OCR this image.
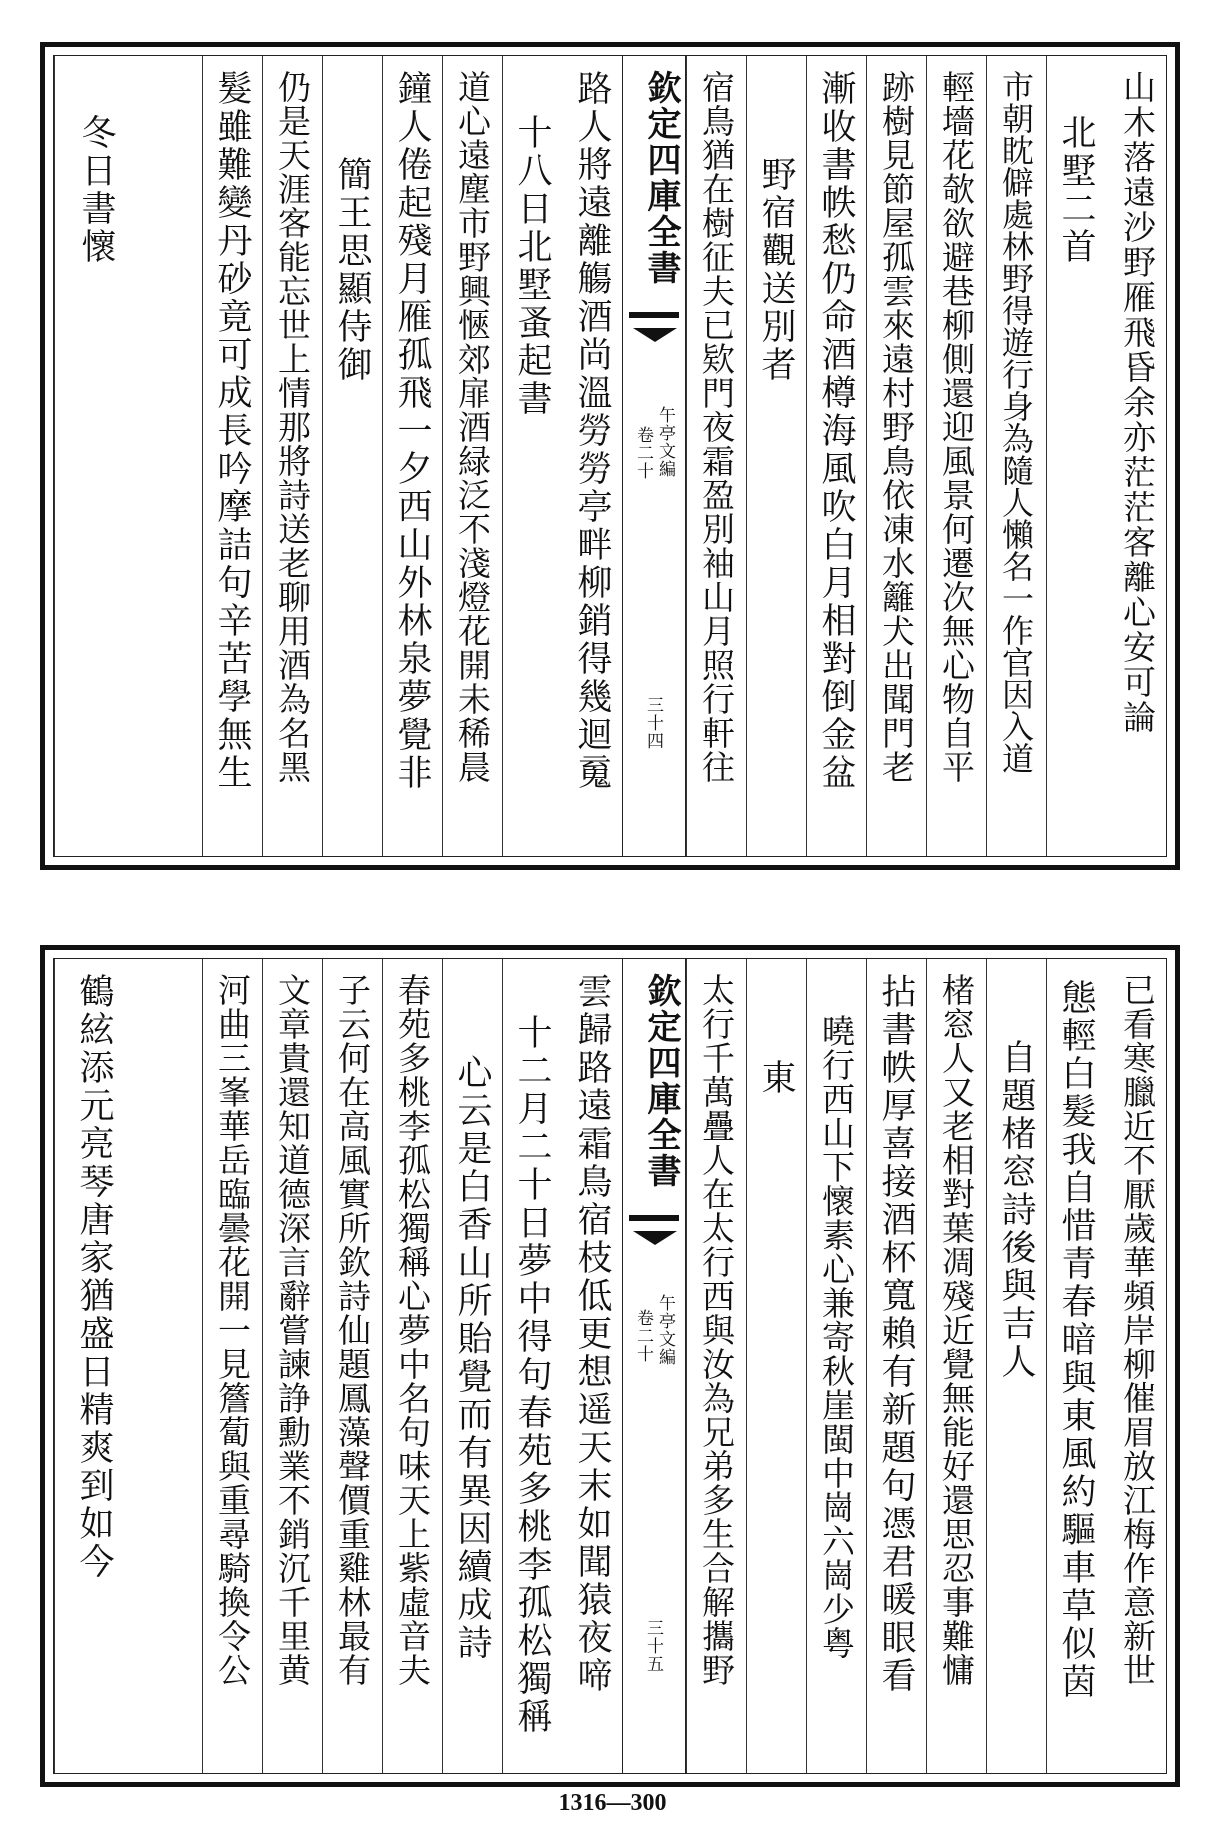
山木落遠沙野雁飛昏余亦茫茫客離心安可論
北墅二首
市朝眈僻處林野得遊行身為隨人懶名一作官因入道
輕墻花欹欲避巷柳側還迎風景何遷次無心物自平
跡樹見節屋孤雲來遠村野鳥依凍水籬犬出聞門老
漸收書帙愁仍命酒樽海風吹白月相對倒金盆
野宿觀送別者
宿鳥猶在樹征夫已欵門夜霜盈別袖山月照行軒往
欽定四庫全書
午亭文編
卷二十
三十四
路人將遠離觴酒尚溫勞勞亭畔柳銷得幾迴䰟
十八日北墅蚤起書
道心遠塵市野興愜郊扉酒緑泛不淺燈花開未稀晨
鐘人倦起殘月雁孤飛一夕西山外林泉夢覺非
簡王思顯侍御
仍是天涯客能忘世上情那將詩送老聊用酒為名黑
髮雖難變丹砂竟可成長吟摩詰句辛苦學無生
冬日書懷
已看寒臘近不厭歲華頻岸柳催眉放江梅作意新世
態輕白髮我自惜青春暗與東風約驅車草似茵
自題楮窓詩後與吉人
楮窓人又老相對葉凋殘近覺無能好還思忍事難慵
拈書帙厚喜接酒杯寬賴有新題句憑君暖眼看
曉行西山下懷素心兼寄秋崖閩中崗六崗少粤
東
太行千萬疊人在太行西與汝為兄弟多生合解攜野
欽定四庫全書
午亭文編
卷二十
三十五
雲歸路遠霜鳥宿枝低更想遥天末如聞猿夜啼
十二月二十日夢中得句春苑多桃李孤松獨稱
心云是白香山所貽覺而有異因續成詩
春苑多桃李孤松獨稱心夢中名句味天上紫虛音夫
子云何在高風實所欽詩仙題鳳藻聲價重雞林最有
文章貴還知道德深言辭嘗諫諍勳業不銷沉千里黄
河曲三峯華岳臨曇花開一見簷蔔與重尋騎換令公
鶴絃添元亮琴唐家猶盛日精爽到如今
1316—300
